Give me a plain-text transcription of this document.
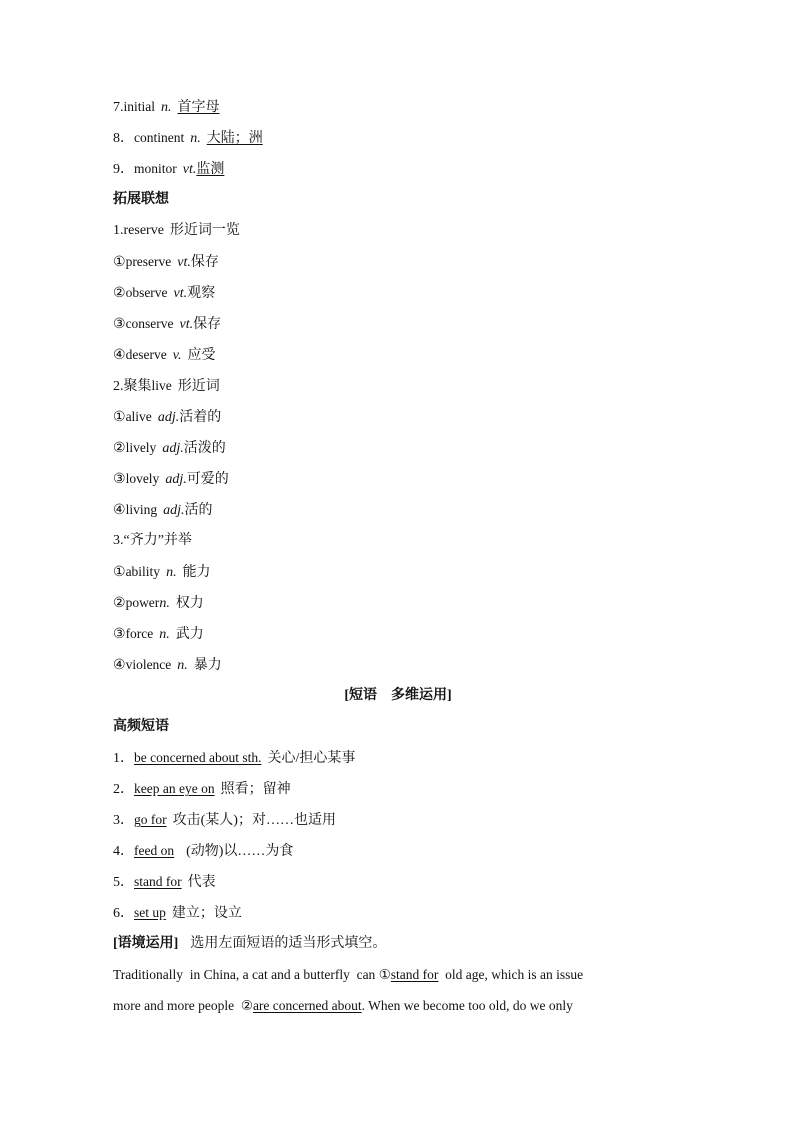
7.initial n. 首字母
8．continent n. 大陆；洲
9．monitor vt.监测
拓展联想
1.reserve 形近词一览
①preserve vt.保存
②observe vt.观察
③conserve vt.保存
④deserve v. 应受
2.聚集live 形近词
①alive adj.活着的
②lively adj.活泼的
③lovely adj.可爱的
④living adj.活的
3.“齐力”并举
①ability n. 能力
②powern. 权力
③force n. 武力
④violence n. 暴力
[短语　多维运用]
高频短语
1．be concerned about sth. 关心/担心某事
2．keep an eye on 照看；留神
3．go for 攻击(某人)；对……也适用
4．feed on (动物)以……为食
5．stand for 代表
6．set up 建立；设立
[语境运用] 选用左面短语的适当形式填空。
Traditionally  in China, a cat and a butterfly  can ①stand for  old age, which is an issue
more and more people  ②are concerned about. When we become too old, do we only
